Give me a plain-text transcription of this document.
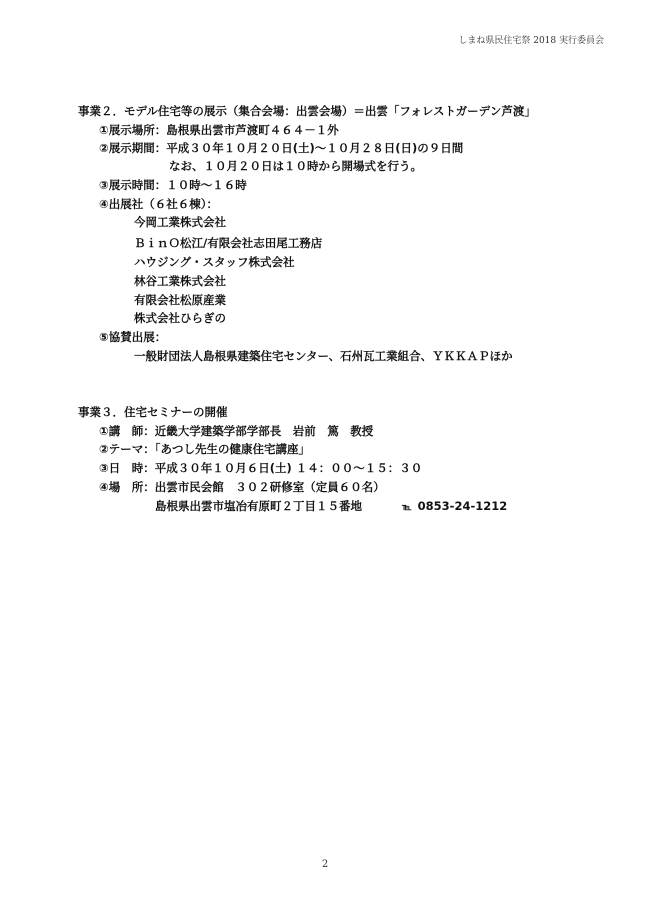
しまね県民住宅祭 2018 実行委員会
事業２．モデル住宅等の展示（集合会場：出雲会場）＝出雲「フォレストガーデン芦渡」
①展示場所：島根県出雲市芦渡町４６４－１外
②展示期間：平成３０年１０月２０日(土)～１０月２８日(日)の９日間
なお、１０月２０日は１０時から開場式を行う。
③展示時間：１０時～１６時
④出展社（６社６棟）：
今岡工業株式会社
ＢｉｎＯ松江/有限会社志田尾工務店
ハウジング・スタッフ株式会社
林谷工業株式会社
有限会社松原産業
株式会社ひらぎの
⑤協賛出展：
一般財団法人島根県建築住宅センター、石州瓦工業組合、ＹＫＫＡＰほか
事業３．住宅セミナーの開催
①講　師：近畿大学建築学部学部長　岩前　篤　教授
②テーマ：「あつし先生の健康住宅講座」
③日　時：平成３０年１０月６日(土) １４：００～１５：３０
④場　所：出雲市民会館　３０２研修室（定員６０名）
島根県出雲市塩冶有原町２丁目１５番地	℡ 0853-24-1212
2
